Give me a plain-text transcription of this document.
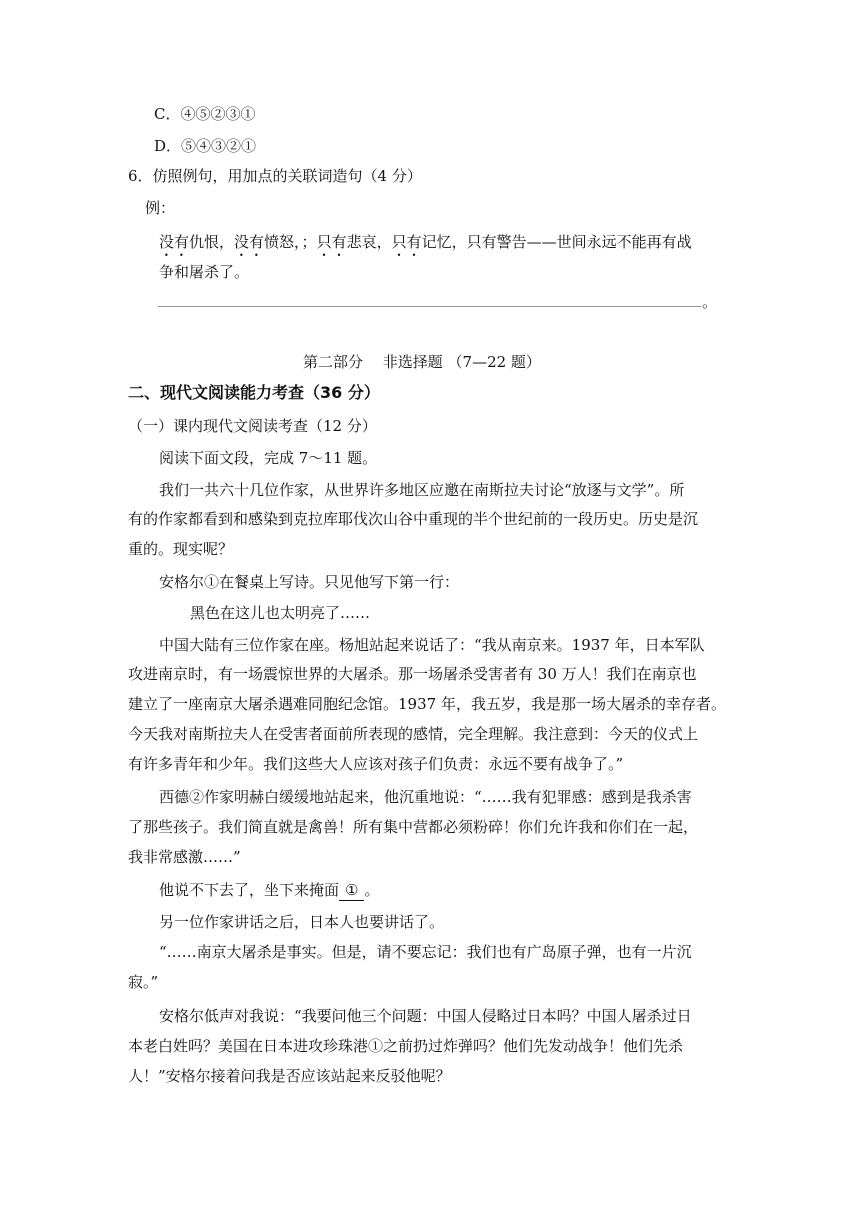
C．④⑤②③①
D．⑤④③②①
6．仿照例句，用加点的关联词造句（4 分）
例：
没有仇恨，没有愤怒，；只有悲哀，只有记忆，只有警告——世间永远不能再有战
争和屠杀了。
。
第二部分　 非选择题 （7—22 题）
二、现代文阅读能力考查（36 分）
（一）课内现代文阅读考查（12 分）
阅读下面文段，完成 7～11 题。
我们一共六十几位作家，从世界许多地区应邀在南斯拉夫讨论“放逐与文学”。所
有的作家都看到和感染到克拉库耶伐次山谷中重现的半个世纪前的一段历史。历史是沉
重的。现实呢？
安格尔①在餐桌上写诗。只见他写下第一行：
黑色在这儿也太明亮了……
中国大陆有三位作家在座。杨旭站起来说话了：“我从南京来。1937 年，日本军队
攻进南京时，有一场震惊世界的大屠杀。那一场屠杀受害者有 30 万人！我们在南京也
建立了一座南京大屠杀遇难同胞纪念馆。1937 年，我五岁，我是那一场大屠杀的幸存者。
今天我对南斯拉夫人在受害者面前所表现的感情，完全理解。我注意到：今天的仪式上
有许多青年和少年。我们这些大人应该对孩子们负责：永远不要有战争了。”
西德②作家明赫白缓缓地站起来，他沉重地说：“……我有犯罪感：感到是我杀害
了那些孩子。我们简直就是禽兽！所有集中营都必须粉碎！你们允许我和你们在一起，
我非常感激……”
他说不下去了，坐下来掩面 ① 。
另一位作家讲话之后，日本人也要讲话了。
“……南京大屠杀是事实。但是，请不要忘记：我们也有广岛原子弹，也有一片沉
寂。”
安格尔低声对我说：“我要问他三个问题：中国人侵略过日本吗？中国人屠杀过日
本老白姓吗？美国在日本进攻珍珠港①之前扔过炸弹吗？他们先发动战争！他们先杀
人！”安格尔接着问我是否应该站起来反驳他呢？
